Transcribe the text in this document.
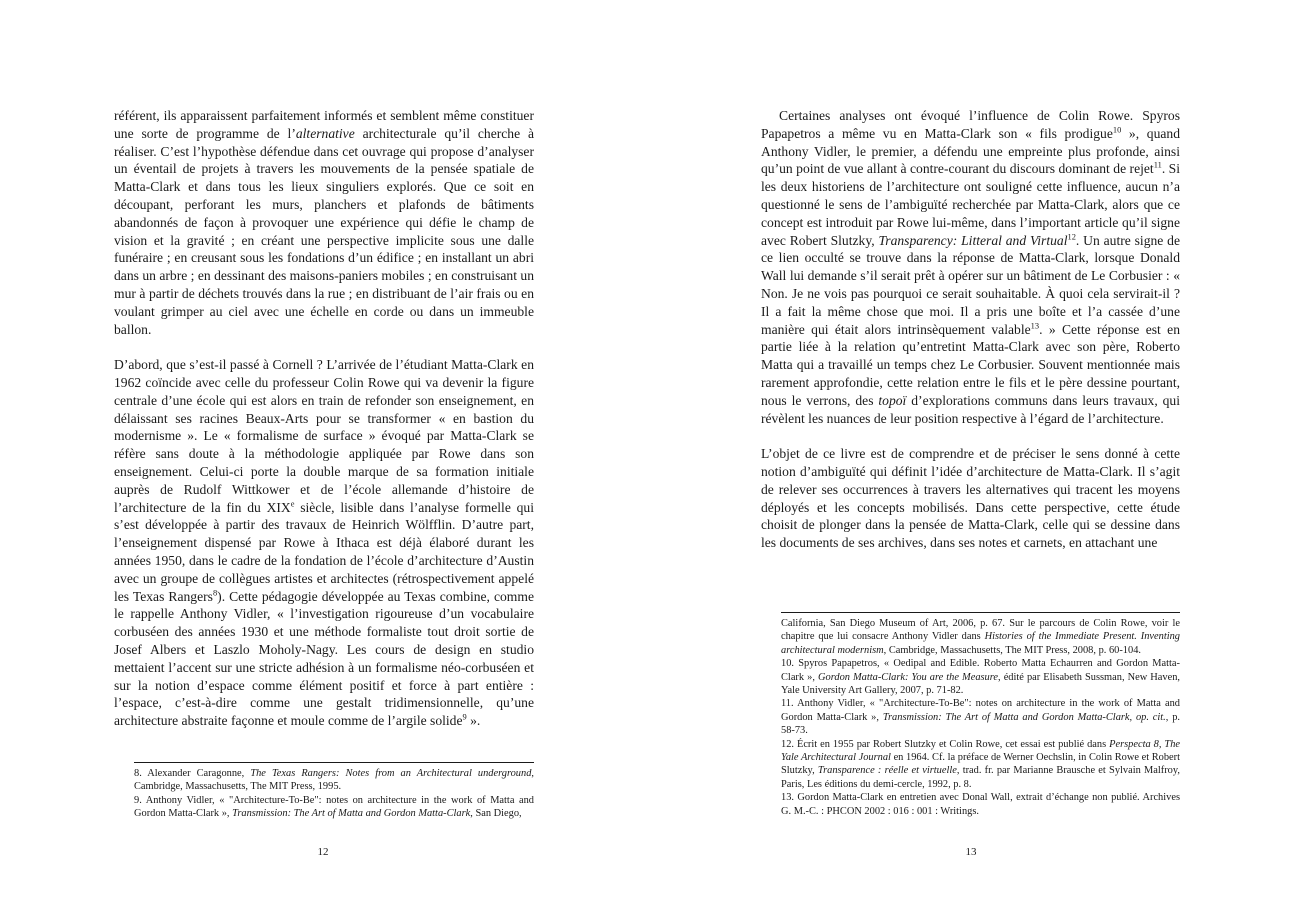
référent, ils apparaissent parfaitement informés et semblent même constituer une sorte de programme de l’alternative architecturale qu’il cherche à réaliser. C’est l’hypothèse défendue dans cet ouvrage qui propose d’analyser un éventail de projets à travers les mouvements de la pensée spatiale de Matta-Clark et dans tous les lieux singuliers explorés. Que ce soit en découpant, perforant les murs, planchers et plafonds de bâtiments abandonnés de façon à provoquer une expérience qui défie le champ de vision et la gravité ; en créant une perspective implicite sous une dalle funéraire ; en creusant sous les fondations d’un édifice ; en installant un abri dans un arbre ; en dessinant des maisons-paniers mobiles ; en construisant un mur à partir de déchets trouvés dans la rue ; en distribuant de l’air frais ou en voulant grimper au ciel avec une échelle en corde ou dans un immeuble ballon.

D’abord, que s’est-il passé à Cornell ? L’arrivée de l’étudiant Matta-Clark en 1962 coïncide avec celle du professeur Colin Rowe qui va devenir la figure centrale d’une école qui est alors en train de refonder son enseignement, en délaissant ses racines Beaux-Arts pour se transformer « en bastion du modernisme ». Le « formalisme de surface » évoqué par Matta-Clark se réfère sans doute à la méthodologie appliquée par Rowe dans son enseignement. Celui-ci porte la double marque de sa formation initiale auprès de Rudolf Wittkower et de l’école allemande d’histoire de l’architecture de la fin du XIXe siècle, lisible dans l’analyse formelle qui s’est développée à partir des travaux de Heinrich Wölfflin. D’autre part, l’enseignement dispensé par Rowe à Ithaca est déjà élaboré durant les années 1950, dans le cadre de la fondation de l’école d’architecture d’Austin avec un groupe de collègues artistes et architectes (rétrospectivement appelé les Texas Rangers$^8$). Cette pédagogie développée au Texas combine, comme le rappelle Anthony Vidler, « l’investigation rigoureuse d’un vocabulaire corbuséen des années 1930 et une méthode formaliste tout droit sortie de Josef Albers et Laszlo Moholy-Nagy. Les cours de design en studio mettaient l’accent sur une stricte adhésion à un formalisme néo-corbuséen et sur la notion d’espace comme élément positif et force à part entière : l’espace, c’est-à-dire comme une gestalt tridimensionnelle, qu’une architecture abstraite façonne et moule comme de l’argile solide$^9$ ».

8. Alexander Caragonne, The Texas Rangers: Notes from an Architectural underground, Cambridge, Massachusetts, The MIT Press, 1995.
9. Anthony Vidler, « "Architecture-To-Be": notes on architecture in the work of Matta and Gordon Matta-Clark », Transmission: The Art of Matta and Gordon Matta-Clark, San Diego,
12

Certaines analyses ont évoqué l’influence de Colin Rowe. Spyros Papapetros a même vu en Matta-Clark son « fils prodigue$^{10}$ », quand Anthony Vidler, le premier, a défendu une empreinte plus profonde, ainsi qu’un point de vue allant à contre-courant du discours dominant de rejet$^{11}$. Si les deux historiens de l’architecture ont souligné cette influence, aucun n’a questionné le sens de l’ambiguïté recherchée par Matta-Clark, alors que ce concept est introduit par Rowe lui-même, dans l’important article qu’il signe avec Robert Slutzky, Transparency: Litteral and Virtual$^{12}$. Un autre signe de ce lien occulté se trouve dans la réponse de Matta-Clark, lorsque Donald Wall lui demande s’il serait prêt à opérer sur un bâtiment de Le Corbusier : « Non. Je ne vois pas pourquoi ce serait souhaitable. À quoi cela servirait-il ? Il a fait la même chose que moi. Il a pris une boîte et l’a cassée d’une manière qui était alors intrinsèquement valable$^{13}$. » Cette réponse est en partie liée à la relation qu’entretint Matta-Clark avec son père, Roberto Matta qui a travaillé un temps chez Le Corbusier. Souvent mentionnée mais rarement approfondie, cette relation entre le fils et le père dessine pourtant, nous le verrons, des topoï d’explorations communs dans leurs travaux, qui révèlent les nuances de leur position respective à l’égard de l’architecture.

L’objet de ce livre est de comprendre et de préciser le sens donné à cette notion d’ambiguïté qui définit l’idée d’architecture de Matta-Clark. Il s’agit de relever ses occurrences à travers les alternatives qui tracent les moyens déployés et les concepts mobilisés. Dans cette perspective, cette étude choisit de plonger dans la pensée de Matta-Clark, celle qui se dessine dans les documents de ses archives, dans ses notes et carnets, en attachant une

California, San Diego Museum of Art, 2006, p. 67. Sur le parcours de Colin Rowe, voir le chapitre que lui consacre Anthony Vidler dans Histories of the Immediate Present. Inventing architectural modernism, Cambridge, Massachusetts, The MIT Press, 2008, p. 60-104.
10. Spyros Papapetros, « Oedipal and Edible. Roberto Matta Echaurren and Gordon Matta-Clark », Gordon Matta-Clark: You are the Measure, édité par Elisabeth Sussman, New Haven, Yale University Art Gallery, 2007, p. 71-82.
11. Anthony Vidler, « "Architecture-To-Be": notes on architecture in the work of Matta and Gordon Matta-Clark », Transmission: The Art of Matta and Gordon Matta-Clark, op. cit., p. 58-73.
12. Écrit en 1955 par Robert Slutzky et Colin Rowe, cet essai est publié dans Perspecta 8, The Yale Architectural Journal en 1964. Cf. la préface de Werner Oechslin, in Colin Rowe et Robert Slutzky, Transparence : réelle et virtuelle, trad. fr. par Marianne Brausche et Sylvain Malfroy, Paris, Les éditions du demi-cercle, 1992, p. 8.
13. Gordon Matta-Clark en entretien avec Donal Wall, extrait d’échange non publié. Archives G. M.-C. : PHCON 2002 : 016 : 001 : Writings.
13
